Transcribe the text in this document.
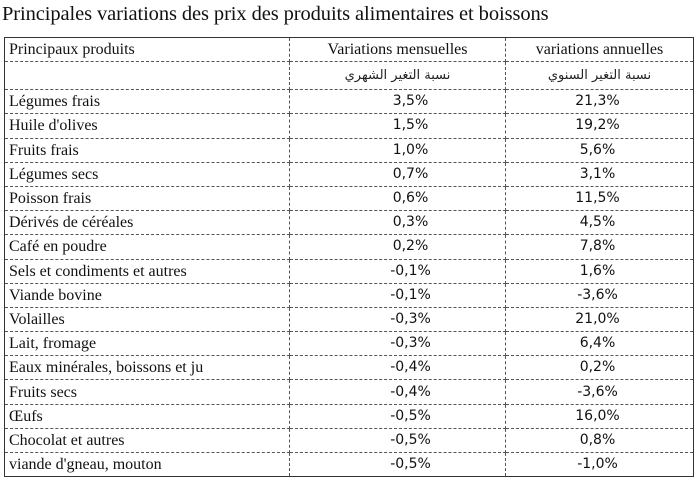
Principales variations des prix des produits alimentaires et boissons
Principaux produits	Variations mensuelles	variations annuelles
	نسبة التغير الشهري	نسبة التغير السنوي
Légumes frais	3,5%	21,3%
Huile d'olives	1,5%	19,2%
Fruits frais	1,0%	5,6%
Légumes secs	0,7%	3,1%
Poisson frais	0,6%	11,5%
Dérivés de céréales	0,3%	4,5%
Café en poudre	0,2%	7,8%
Sels et condiments et autres	-0,1%	1,6%
Viande bovine	-0,1%	-3,6%
Volailles	-0,3%	21,0%
Lait, fromage	-0,3%	6,4%
Eaux minérales, boissons et ju	-0,4%	0,2%
Fruits secs	-0,4%	-3,6%
Œufs	-0,5%	16,0%
Chocolat et autres	-0,5%	0,8%
viande d'gneau, mouton	-0,5%	-1,0%
